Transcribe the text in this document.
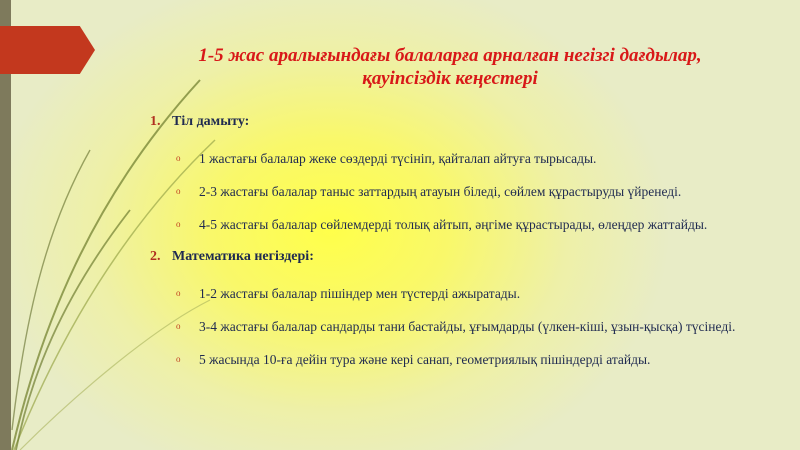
1-5 жас аралығындағы балаларға арналған негізгі дағдылар,
қауіпсіздік кеңестері
1. Тіл дамыту:
o 1 жастағы балалар жеке сөздерді түсініп, қайталап айтуға тырысады.
o 2-3 жастағы балалар таныс заттардың атауын біледі, сөйлем құрастыруды үйренеді.
o 4-5 жастағы балалар сөйлемдерді толық айтып, әңгіме құрастырады, өлеңдер жаттайды.
2. Математика негіздері:
o 1-2 жастағы балалар пішіндер мен түстерді ажыратады.
o 3-4 жастағы балалар сандарды тани бастайды, ұғымдарды (үлкен-кіші, ұзын-қысқа) түсінеді.
o 5 жасында 10-ға дейін тура және кері санап, геометриялық пішіндерді атайды.
